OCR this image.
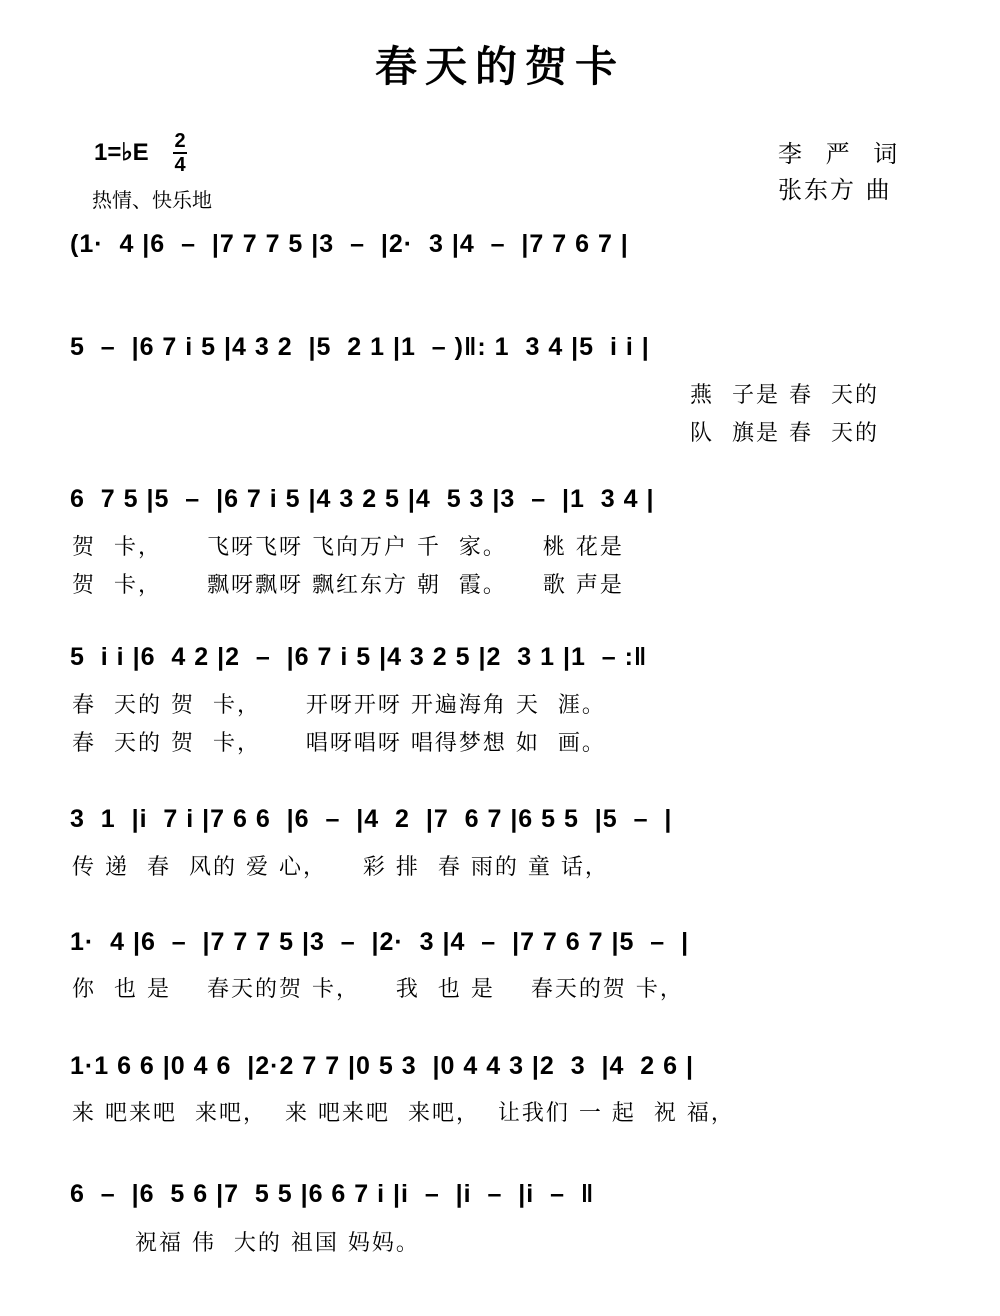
春天的贺卡
1=♭E	2
4
热情、快乐地
李 严 词
张东方 曲
(1·  4 |6  –  |7 7 7 5 |3  –  |2·  3 |4  –  |7 7 6 7 |
5  –  |6 7 i 5 |4 3 2  |5  2 1 |1  – )‖: 1  3 4 |5  i i |
燕  子是 春  天的
队  旗是 春  天的
6  7 5 |5  –  |6 7 i 5 |4 3 2 5 |4  5 3 |3  –  |1  3 4 |
贺  卡，     飞呀飞呀 飞向万户 千  家。    桃 花是
贺  卡，     飘呀飘呀 飘红东方 朝  霞。    歌 声是
5  i i |6  4 2 |2  –  |6 7 i 5 |4 3 2 5 |2  3 1 |1  – :‖
春  天的 贺  卡，     开呀开呀 开遍海角 天  涯。
春  天的 贺  卡，     唱呀唱呀 唱得梦想 如  画。
3  1  |i  7 i |7 6 6  |6  –  |4  2  |7  6 7 |6 5 5  |5  –  |
传 递  春  风的 爱 心，    彩 排  春 雨的 童 话，
1·  4 |6  –  |7 7 7 5 |3  –  |2·  3 |4  –  |7 7 6 7 |5  –  |
你  也 是    春天的贺 卡，    我  也 是    春天的贺 卡，
1·1 6 6 |0 4 6  |2·2 7 7 |0 5 3  |0 4 4 3 |2  3  |4  2 6 |
来 吧来吧  来吧，  来 吧来吧  来吧，  让我们 一 起  祝 福，
6  –  |6  5 6 |7  5 5 |6 6 7 i |i  –  |i  –  |i  –  ‖
祝福 伟  大的 祖国 妈妈。
